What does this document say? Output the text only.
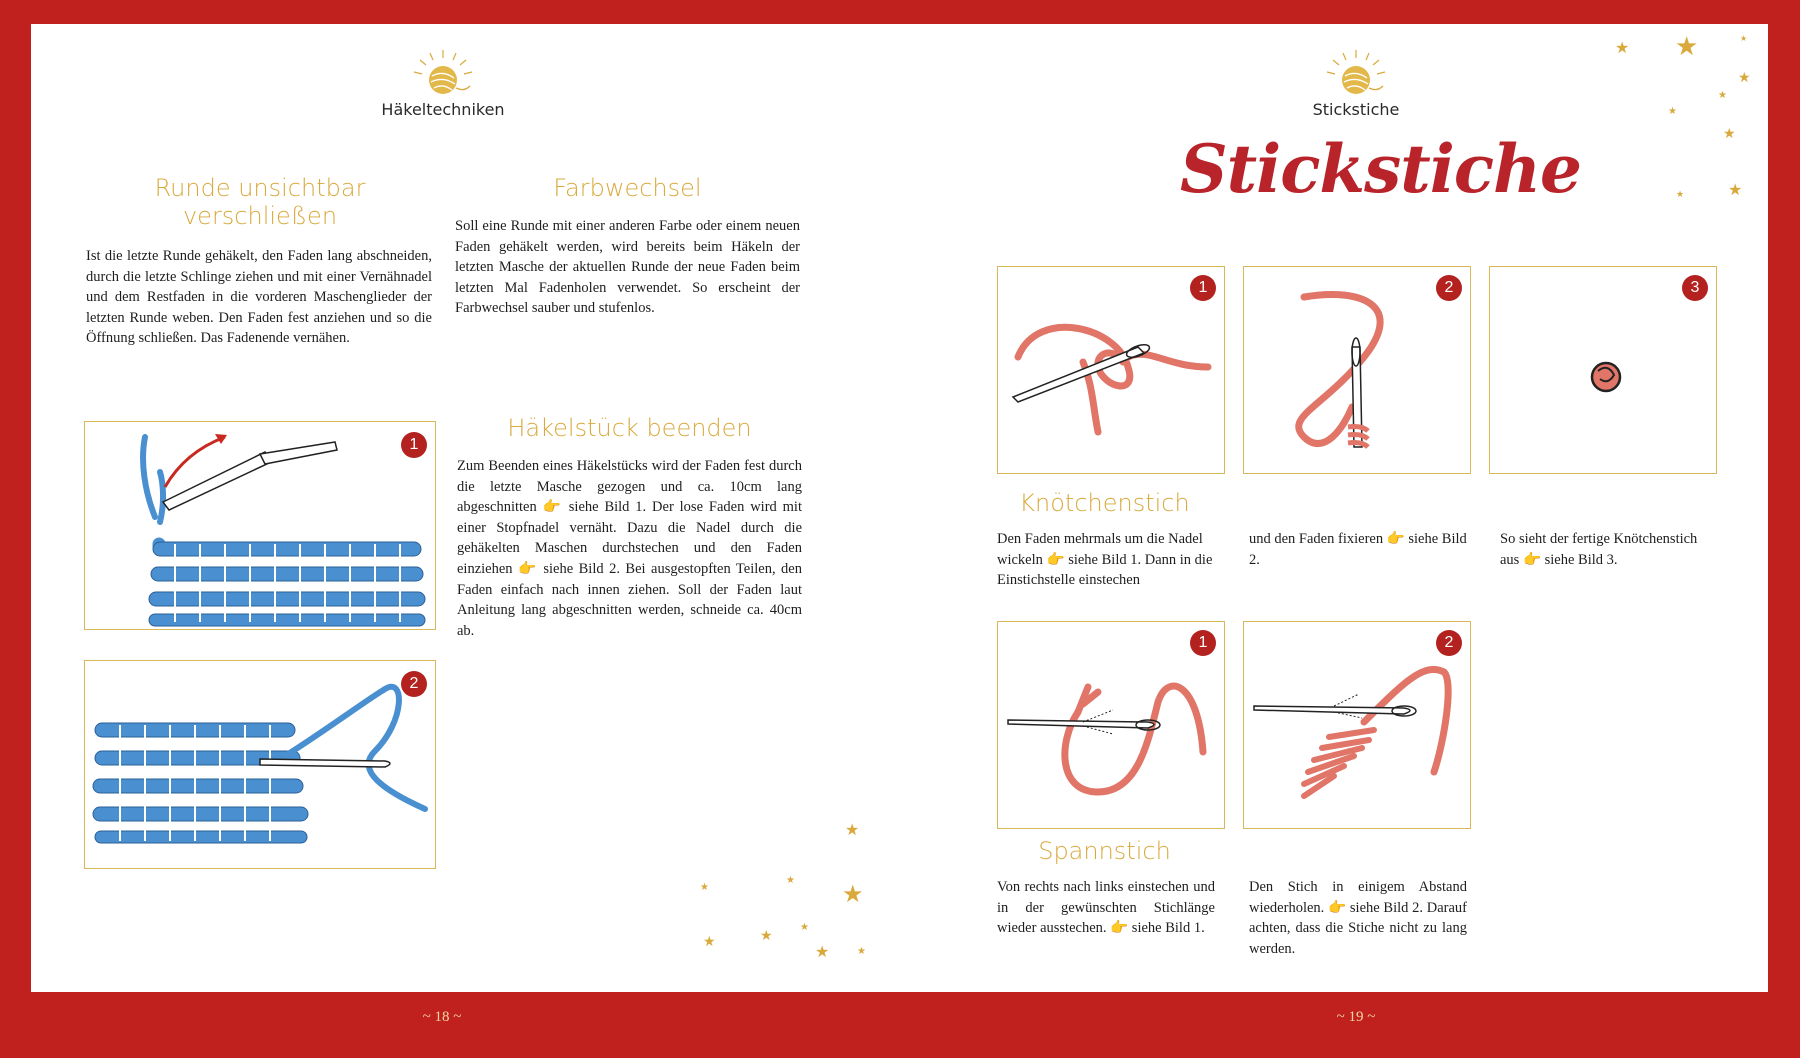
Häkeltechniken
Runde unsichtbar verschließen
Ist die letzte Runde gehäkelt, den Faden lang abschneiden, durch die letzte Schlinge ziehen und mit einer Vernähnadel und dem Restfaden in die vorderen Maschenglieder der letzten Runde weben. Den Faden fest anziehen und so die Öffnung schließen. Das Fadenende vernähen.
Farbwechsel
Soll eine Runde mit einer anderen Farbe oder einem neuen Faden gehäkelt werden, wird bereits beim Häkeln der letzten Masche der aktuellen Runde der neue Faden beim letzten Mal Fadenholen verwendet. So erscheint der Farbwechsel sauber und stufenlos.
Häkelstück beenden
Zum Beenden eines Häkelstücks wird der Faden fest durch die letzte Masche gezogen und ca. 10cm lang abgeschnitten 👉 siehe Bild 1. Der lose Faden wird mit einer Stopfnadel vernäht. Dazu die Nadel durch die gehäkelten Maschen durchstechen und den Faden einziehen 👉 siehe Bild 2. Bei ausgestopften Teilen, den Faden einfach nach innen ziehen. Soll der Faden laut Anleitung lang abgeschnitten werden, schneide ca. 40cm ab.
1
2
★
★
★
★
★
★
★
★
★
~ 18 ~
Stickstiche
Stickstiche
★ ★
★
★
★
★
★
★
★
1	2	3
Knötchenstich
Den Faden mehrmals um die Nadel wickeln 👉 siehe Bild 1. Dann in die Einstichstelle einstechen
und den Faden fixieren 👉 siehe Bild 2.
So sieht der fertige Knötchenstich aus 👉 siehe Bild 3.
1	2
Spannstich
Von rechts nach links einstechen und in der gewünschten Stichlänge wieder ausstechen. 👉 siehe Bild 1.
Den Stich in einigem Abstand wiederholen. 👉 siehe Bild 2. Darauf achten, dass die Stiche nicht zu lang werden.
~ 19 ~
